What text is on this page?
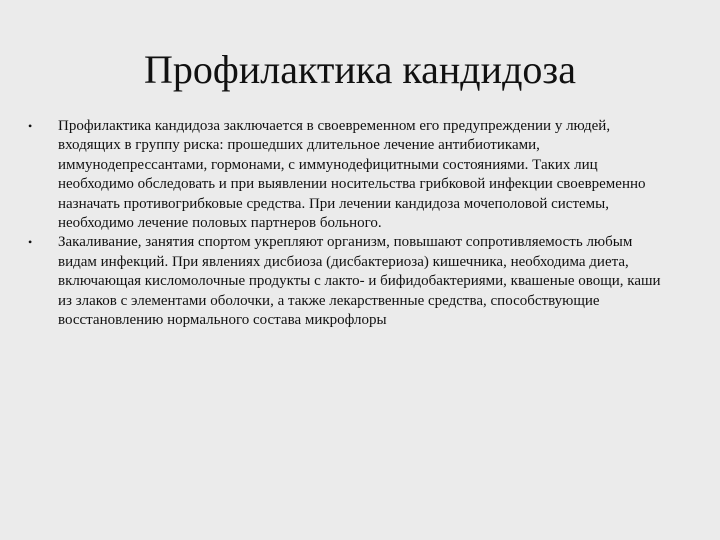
Профилактика кандидоза
• Профилактика кандидоза заключается в своевременном его предупреждении у людей, входящих в группу риска: прошедших длительное лечение антибиотиками, иммунодепрессантами, гормонами, с иммунодефицитными состояниями. Таких лиц необходимо обследовать и при выявлении носительства грибковой инфекции своевременно назначать противогрибковые средства. При лечении кандидоза мочеполовой системы, необходимо лечение половых партнеров больного.
• Закаливание, занятия спортом укрепляют организм, повышают сопротивляемость любым видам инфекций. При явлениях дисбиоза (дисбактериоза) кишечника, необходима диета, включающая кисломолочные продукты с лакто- и бифидобактериями, квашеные овощи, каши из злаков с элементами оболочки, а также лекарственные средства, способствующие восстановлению нормального состава микрофлоры
